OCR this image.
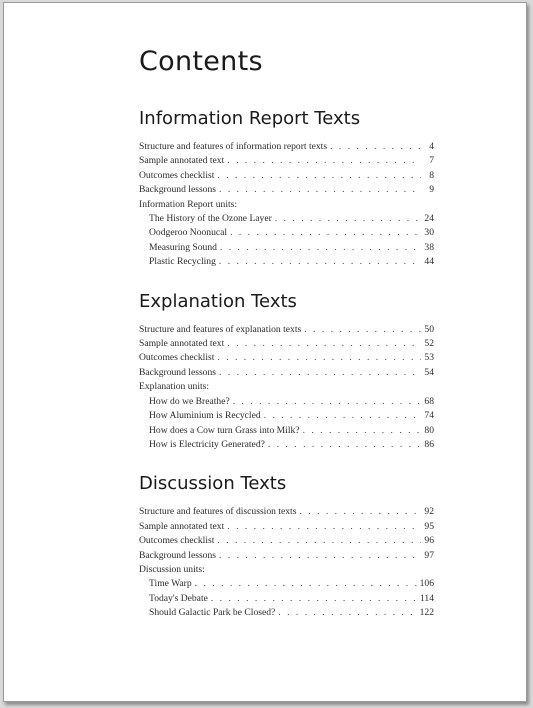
Contents
Information Report Texts
Structure and features of information report texts . . .	4
Sample annotated text . . .	7
Outcomes checklist . . .	8
Background lessons . . .	9
Information Report units:
The History of the Ozone Layer . . .	24
Oodgeroo Noonucal . . .	30
Measuring Sound . . .	38
Plastic Recycling . . .	44
Explanation Texts
Structure and features of explanation texts . . .	50
Sample annotated text . . .	52
Outcomes checklist . . .	53
Background lessons . . .	54
Explanation units:
How do we Breathe? . . .	68
How Aluminium is Recycled . . .	74
How does a Cow turn Grass into Milk? . . .	80
How is Electricity Generated? . . .	86
Discussion Texts
Structure and features of discussion texts . . .	92
Sample annotated text . . .	95
Outcomes checklist . . .	96
Background lessons . . .	97
Discussion units:
Time Warp . . .	106
Today's Debate . . .	114
Should Galactic Park be Closed? . . .	122
